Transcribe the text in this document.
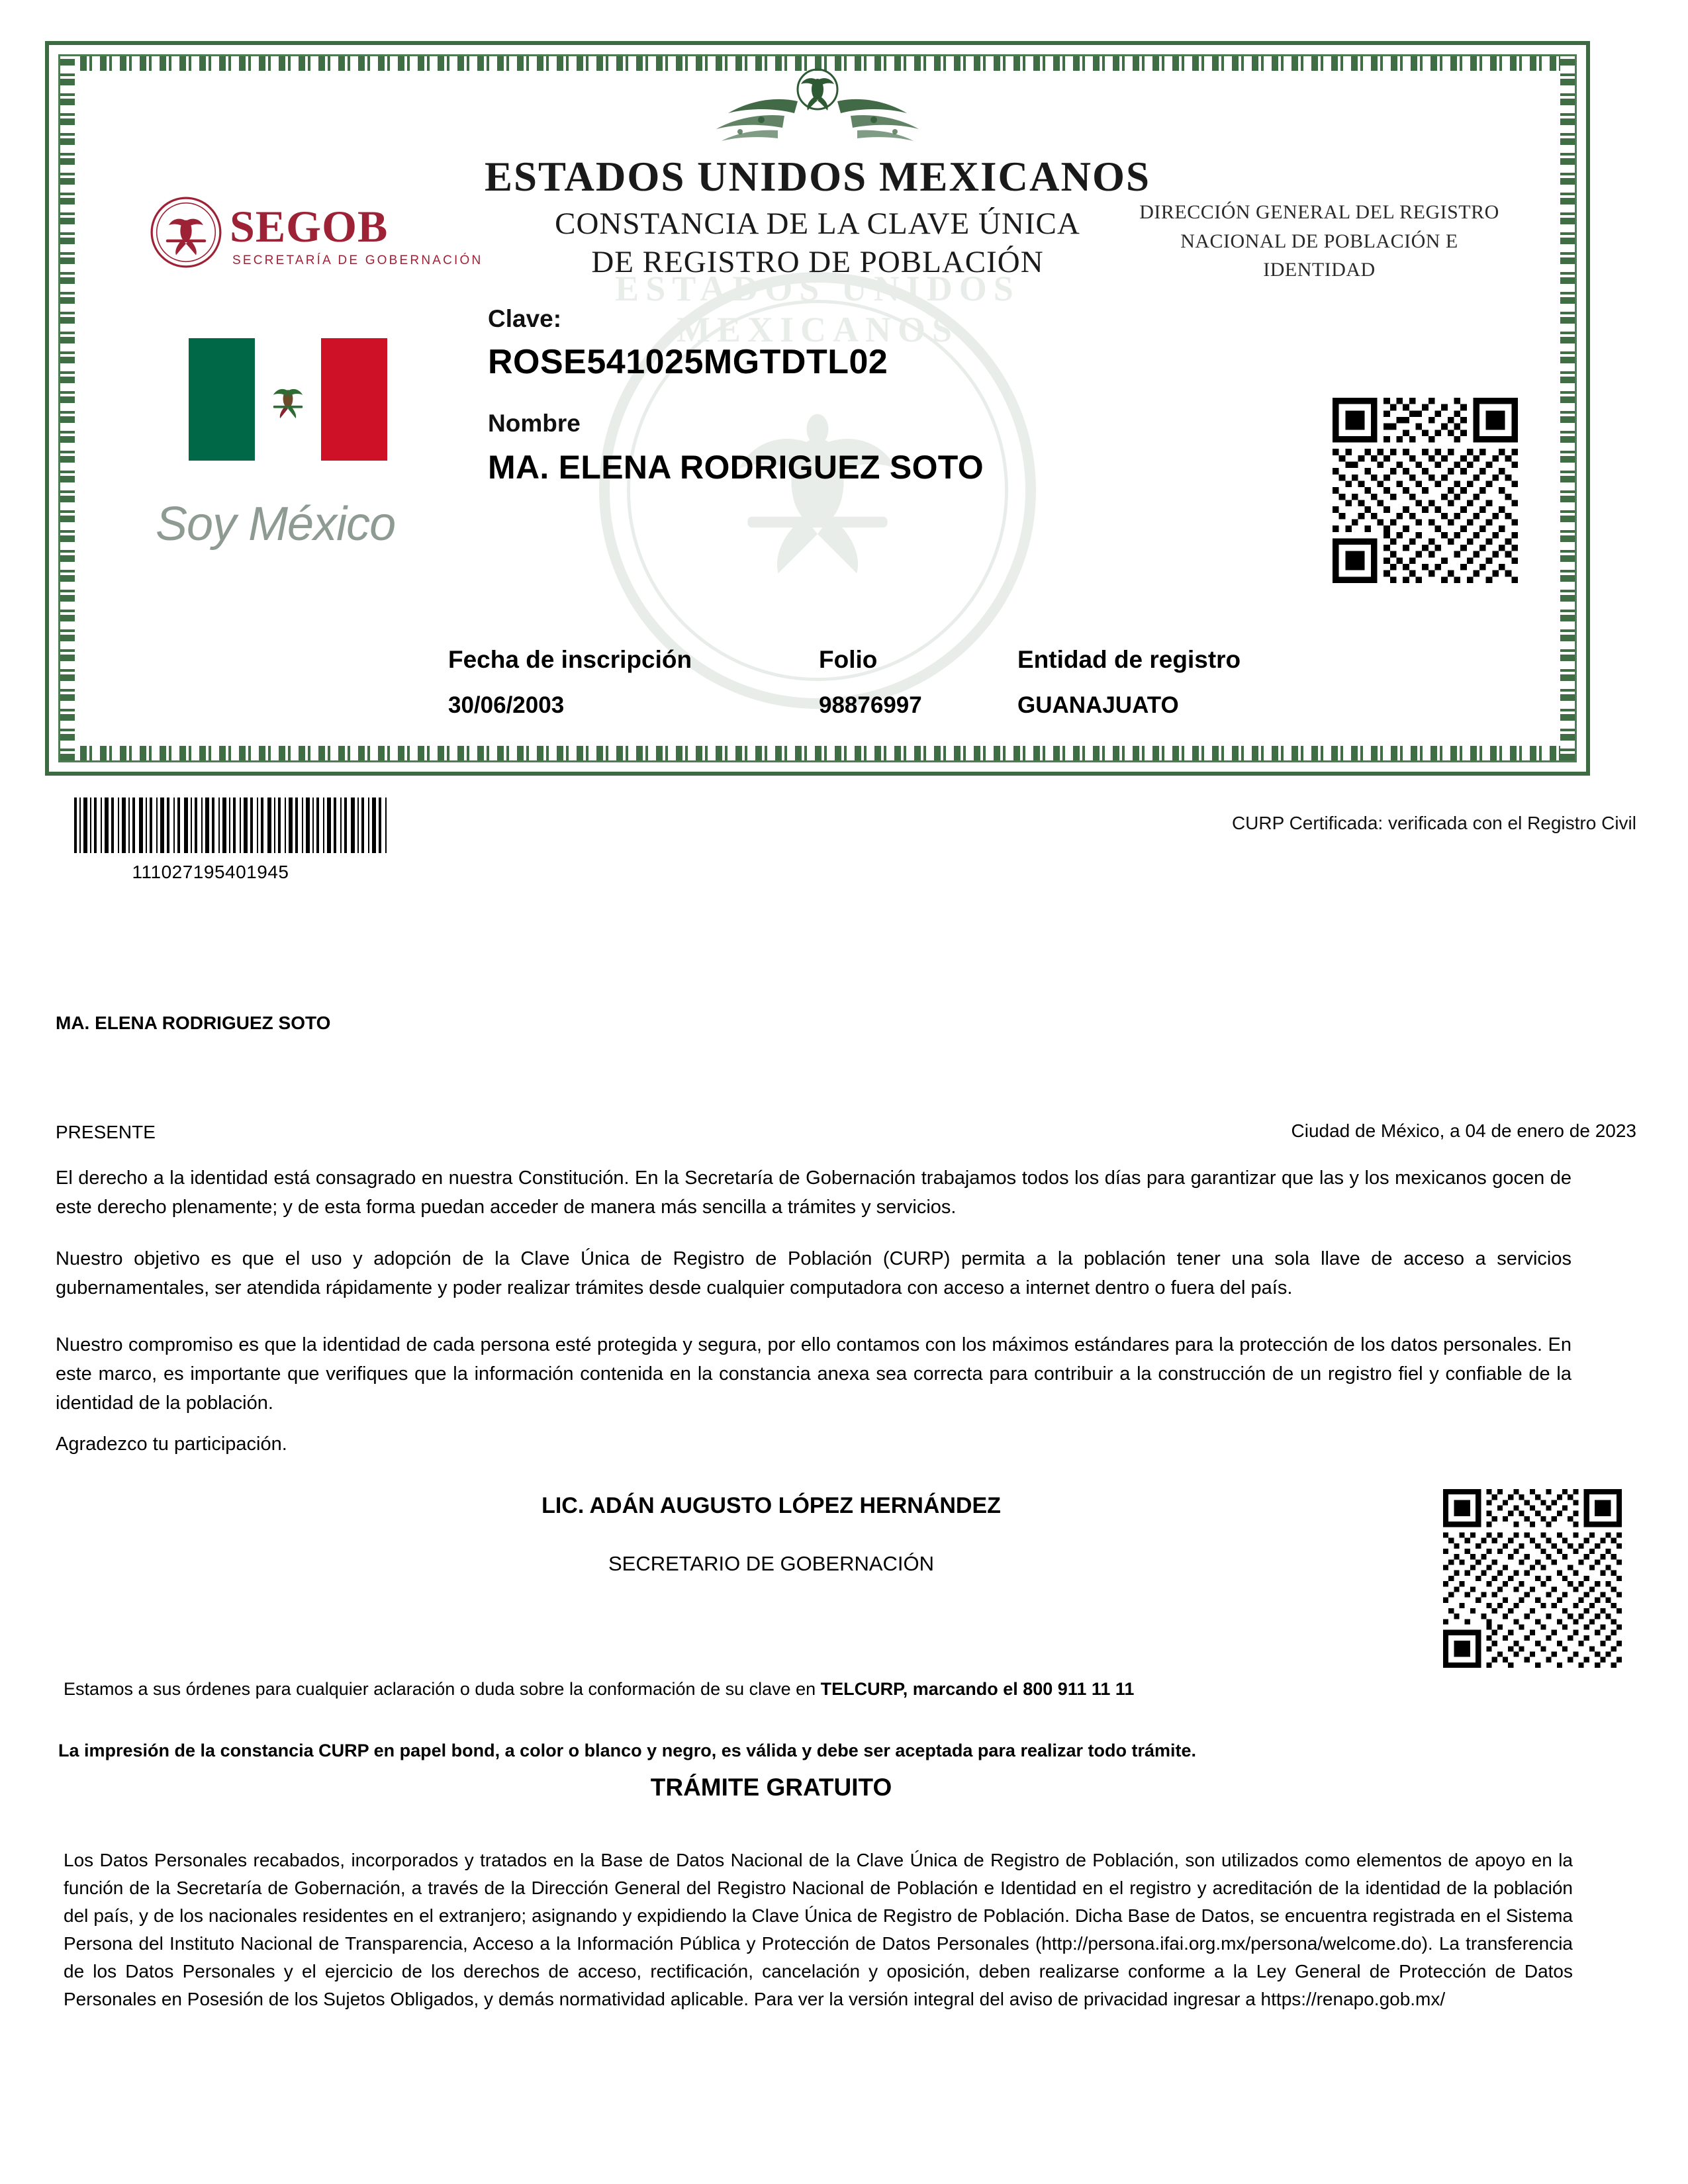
ESTADOS UNIDOS MEXICANOS
ESTADOS UNIDOS MEXICANOS
CONSTANCIA DE LA CLAVE ÚNICA
DE REGISTRO DE POBLACIÓN
SEGOB
SECRETARÍA DE GOBERNACIÓN
DIRECCIÓN GENERAL DEL REGISTRO NACIONAL DE POBLACIÓN E IDENTIDAD
Soy México
Clave:
ROSE541025MGTDTL02
Nombre
MA. ELENA RODRIGUEZ SOTO
Fecha de inscripción
30/06/2003
Folio
98876997
Entidad de registro
GUANAJUATO
111027195401945
CURP Certificada: verificada con el Registro Civil
MA. ELENA RODRIGUEZ SOTO
PRESENTE	Ciudad de México, a 04 de enero de 2023
El derecho a la identidad está consagrado en nuestra Constitución. En la Secretaría de Gobernación trabajamos todos los días para garantizar que las y los mexicanos gocen de este derecho plenamente; y de esta forma puedan acceder de manera más sencilla a trámites y servicios.
Nuestro objetivo es que el uso y adopción de la Clave Única de Registro de Población (CURP) permita a la población tener una sola llave de acceso a servicios gubernamentales, ser atendida rápidamente y poder realizar trámites desde cualquier computadora con acceso a internet dentro o fuera del país.
Nuestro compromiso es que la identidad de cada persona esté protegida y segura, por ello contamos con los máximos estándares para la protección de los datos personales. En este marco, es importante que verifiques que la información contenida en la constancia anexa sea correcta para contribuir a la construcción de un registro fiel y confiable de la identidad de la población.
Agradezco tu participación.
LIC. ADÁN AUGUSTO LÓPEZ HERNÁNDEZ
SECRETARIO DE GOBERNACIÓN
Estamos a sus órdenes para cualquier aclaración o duda sobre la conformación de su clave en TELCURP, marcando el 800 911 11 11
La impresión de la constancia CURP en papel bond, a color o blanco y negro, es válida y debe ser aceptada para realizar todo trámite.
TRÁMITE GRATUITO
Los Datos Personales recabados, incorporados y tratados en la Base de Datos Nacional de la Clave Única de Registro de Población, son utilizados como elementos de apoyo en la función de la Secretaría de Gobernación, a través de la Dirección General del Registro Nacional de Población e Identidad en el registro y acreditación de la identidad de la población del país, y de los nacionales residentes en el extranjero; asignando y expidiendo la Clave Única de Registro de Población. Dicha Base de Datos, se encuentra registrada en el Sistema Persona del Instituto Nacional de Transparencia, Acceso a la Información Pública y Protección de Datos Personales (http://persona.ifai.org.mx/persona/welcome.do). La transferencia de los Datos Personales y el ejercicio de los derechos de acceso, rectificación, cancelación y oposición, deben realizarse conforme a la Ley General de Protección de Datos Personales en Posesión de los Sujetos Obligados, y demás normatividad aplicable. Para ver la versión integral del aviso de privacidad ingresar a https://renapo.gob.mx/
